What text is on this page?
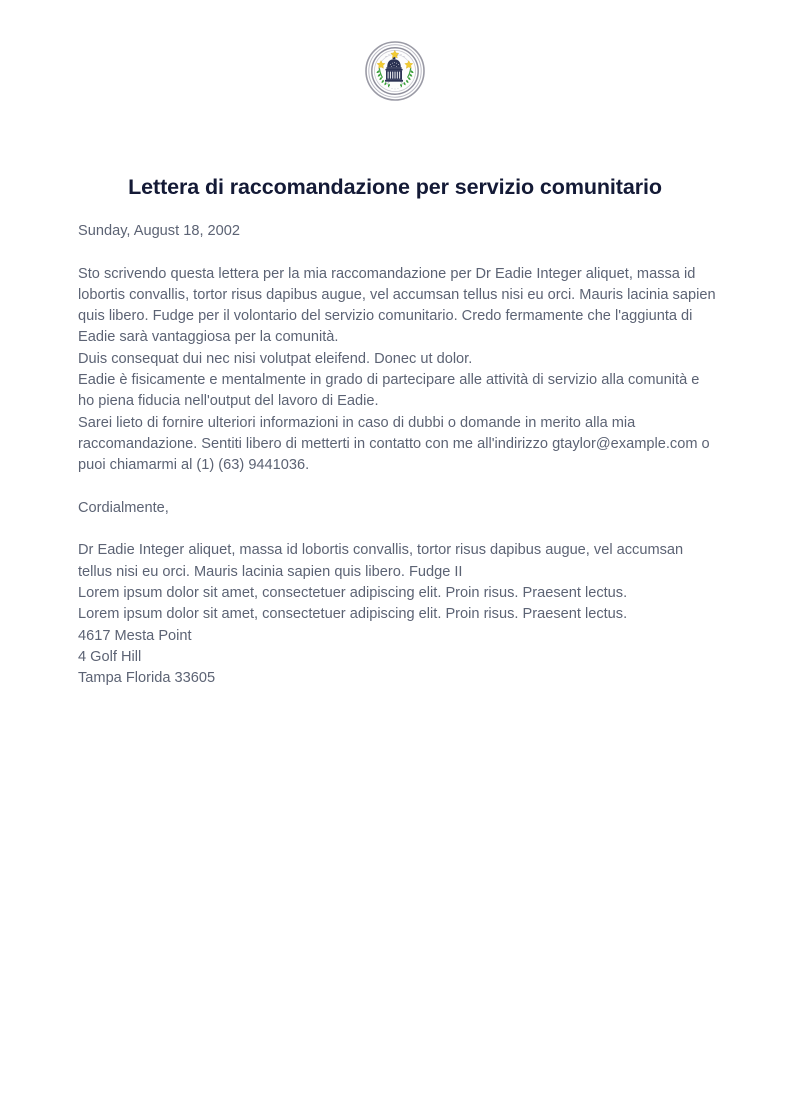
Lettera di raccomandazione per servizio comunitario

Sunday, August 18, 2002

Sto scrivendo questa lettera per la mia raccomandazione per Dr Eadie Integer aliquet, massa id lobortis convallis, tortor risus dapibus augue, vel accumsan tellus nisi eu orci. Mauris lacinia sapien quis libero. Fudge per il volontario del servizio comunitario. Credo fermamente che l'aggiunta di Eadie sarà vantaggiosa per la comunità.

Duis consequat dui nec nisi volutpat eleifend. Donec ut dolor.

Eadie è fisicamente e mentalmente in grado di partecipare alle attività di servizio alla comunità e ho piena fiducia nell'output del lavoro di Eadie.

Sarei lieto di fornire ulteriori informazioni in caso di dubbi o domande in merito alla mia raccomandazione. Sentiti libero di metterti in contatto con me all'indirizzo gtaylor@example.com o puoi chiamarmi al (1) (63) 9441036.

Cordialmente,

Dr Eadie Integer aliquet, massa id lobortis convallis, tortor risus dapibus augue, vel accumsan tellus nisi eu orci. Mauris lacinia sapien quis libero. Fudge II

Lorem ipsum dolor sit amet, consectetuer adipiscing elit. Proin risus. Praesent lectus.

Lorem ipsum dolor sit amet, consectetuer adipiscing elit. Proin risus. Praesent lectus.

4617 Mesta Point

4 Golf Hill

Tampa Florida 33605
